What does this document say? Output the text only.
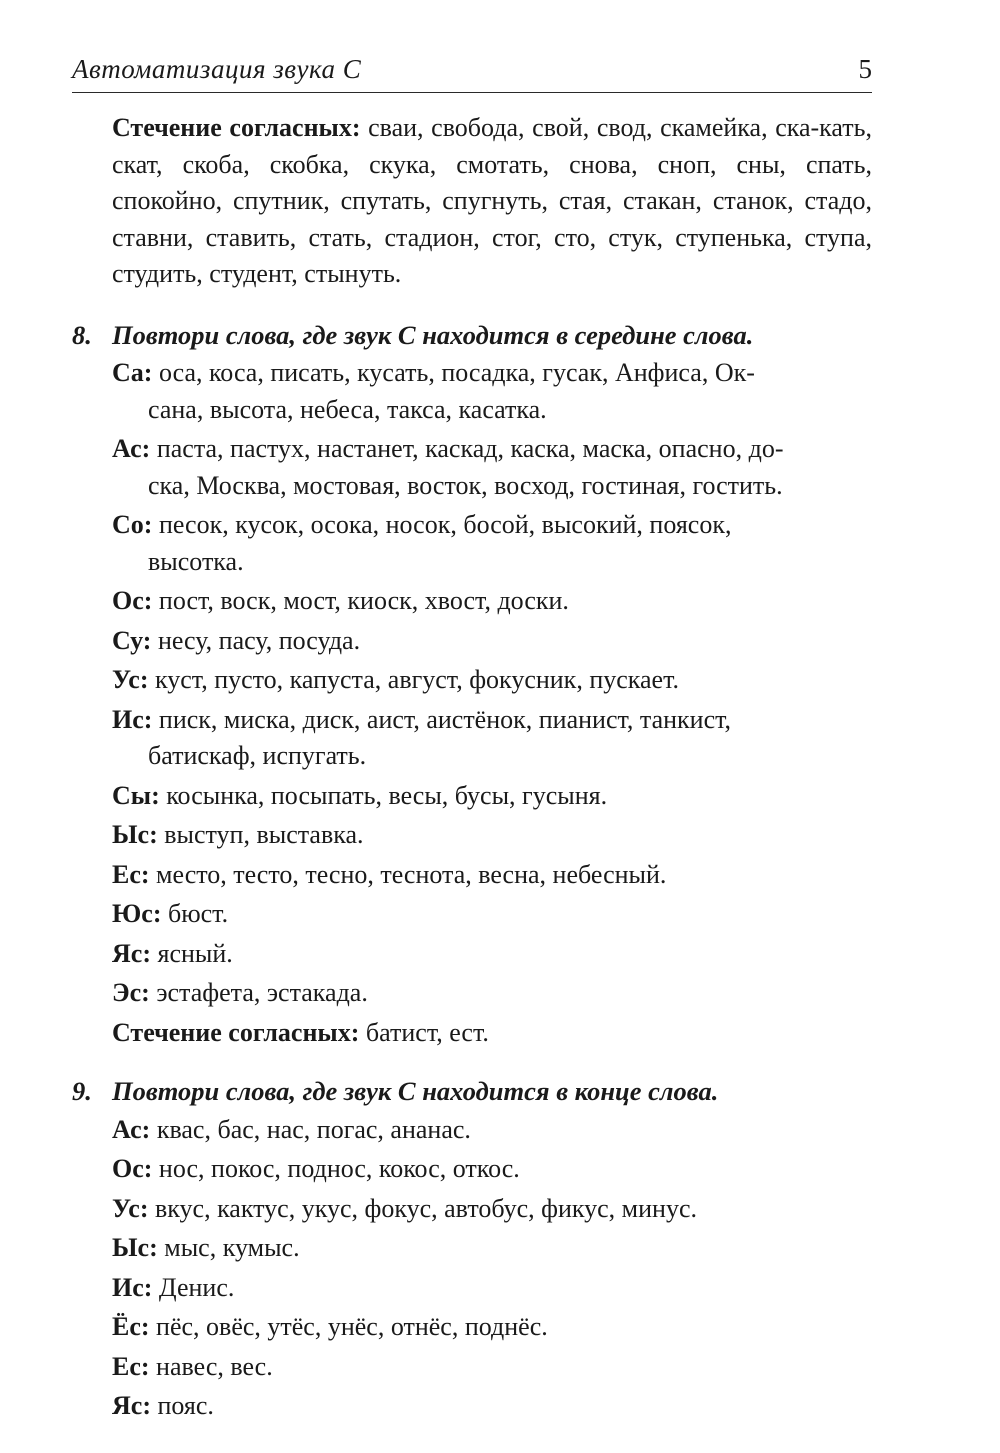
Автоматизация звука С	5
Стечение согласных: сваи, свобода, свой, свод, скамейка, ска-кать, скат, скоба, скобка, скука, смотать, снова, сноп, сны, спать, спокойно, спутник, спутать, спугнуть, стая, стакан, станок, стадо, ставни, ставить, стать, стадион, стог, сто, стук, ступенька, ступа, студить, студент, стынуть.
8. Повтори слова, где звук С находится в середине слова.
Са: оса, коса, писать, кусать, посадка, гусак, Анфиса, Ок-
сана, высота, небеса, такса, касатка.
Ас: паста, пастух, настанет, каскад, каска, маска, опасно, до-
ска, Москва, мостовая, восток, восход, гостиная, гостить.
Со: песок, кусок, осока, носок, босой, высокий, поясок,
высотка.
Ос: пост, воск, мост, киоск, хвост, доски.
Су: несу, пасу, посуда.
Ус: куст, пусто, капуста, август, фокусник, пускает.
Ис: писк, миска, диск, аист, аистёнок, пианист, танкист,
батискаф, испугать.
Сы: косынка, посыпать, весы, бусы, гусыня.
Ыс: выступ, выставка.
Ес: место, тесто, тесно, теснота, весна, небесный.
Юс: бюст.
Яс: ясный.
Эс: эстафета, эстакада.
Стечение согласных: батист, ест.
9. Повтори слова, где звук С находится в конце слова.
Ас: квас, бас, нас, погас, ананас.
Ос: нос, покос, поднос, кокос, откос.
Ус: вкус, кактус, укус, фокус, автобус, фикус, минус.
Ыс: мыс, кумыс.
Ис: Денис.
Ёс: пёс, овёс, утёс, унёс, отнёс, поднёс.
Ес: навес, вес.
Яс: пояс.
